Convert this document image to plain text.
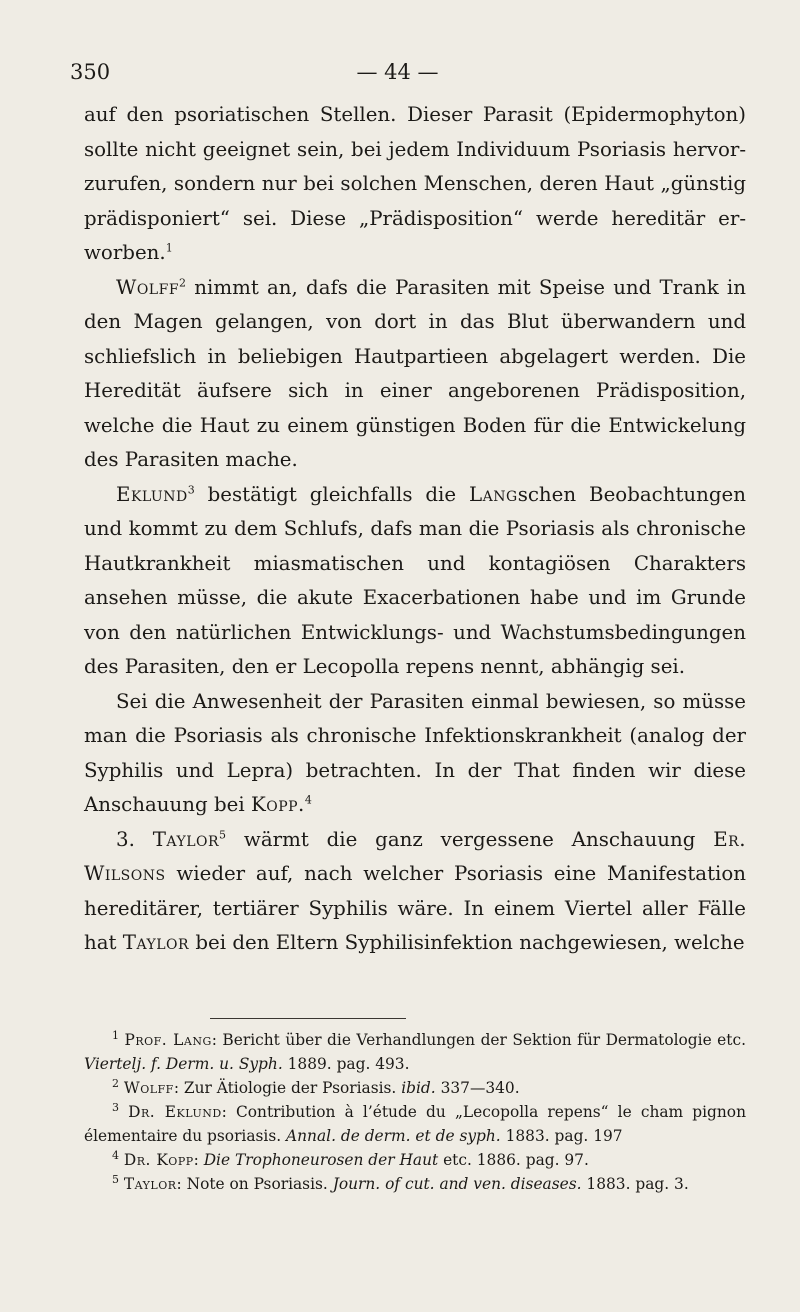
350	— 44 —

auf den psoriatischen Stellen. Dieser Parasit (Epidermophyton) sollte nicht geeignet sein, bei jedem Individuum Psoriasis hervorzurufen, sondern nur bei solchen Menschen, deren Haut „günstig prädisponiert“ sei. Diese „Prädisposition“ werde hereditär erworben.$^1$

Wolff$^2$ nimmt an, dafs die Parasiten mit Speise und Trank in den Magen gelangen, von dort in das Blut überwandern und schliefslich in beliebigen Hautpartieen abgelagert werden. Die Heredität äufsere sich in einer angeborenen Prädisposition, welche die Haut zu einem günstigen Boden für die Entwickelung des Parasiten mache.

Eklund$^3$ bestätigt gleichfalls die Langschen Beobachtungen und kommt zu dem Schlufs, dafs man die Psoriasis als chronische Hautkrankheit miasmatischen und kontagiösen Charakters ansehen müsse, die akute Exacerbationen habe und im Grunde von den natürlichen Entwicklungs- und Wachstumsbedingungen des Parasiten, den er Lecopolla repens nennt, abhängig sei.

Sei die Anwesenheit der Parasiten einmal bewiesen, so müsse man die Psoriasis als chronische Infektionskrankheit (analog der Syphilis und Lepra) betrachten. In der That finden wir diese Anschauung bei Kopp.$^4$

3. Taylor$^5$ wärmt die ganz vergessene Anschauung Er. Wilsons wieder auf, nach welcher Psoriasis eine Manifestation hereditärer, tertiärer Syphilis wäre. In einem Viertel aller Fälle hat Taylor bei den Eltern Syphilisinfektion nachgewiesen, welche

$^1$ Prof. Lang: Bericht über die Verhandlungen der Sektion für Dermatologie etc. Viertelj. f. Derm. u. Syph. 1889. pag. 493.

$^2$ Wolff: Zur Ätiologie der Psoriasis. ibid. 337—340.

$^3$ Dr. Eklund: Contribution à l’étude du „Lecopolla repens“ le cham pignon élementaire du psoriasis. Annal. de derm. et de syph. 1883. pag. 197

$^4$ Dr. Kopp: Die Trophoneurosen der Haut etc. 1886. pag. 97.

$^5$ Taylor: Note on Psoriasis. Journ. of cut. and ven. diseases. 1883. pag. 3.
